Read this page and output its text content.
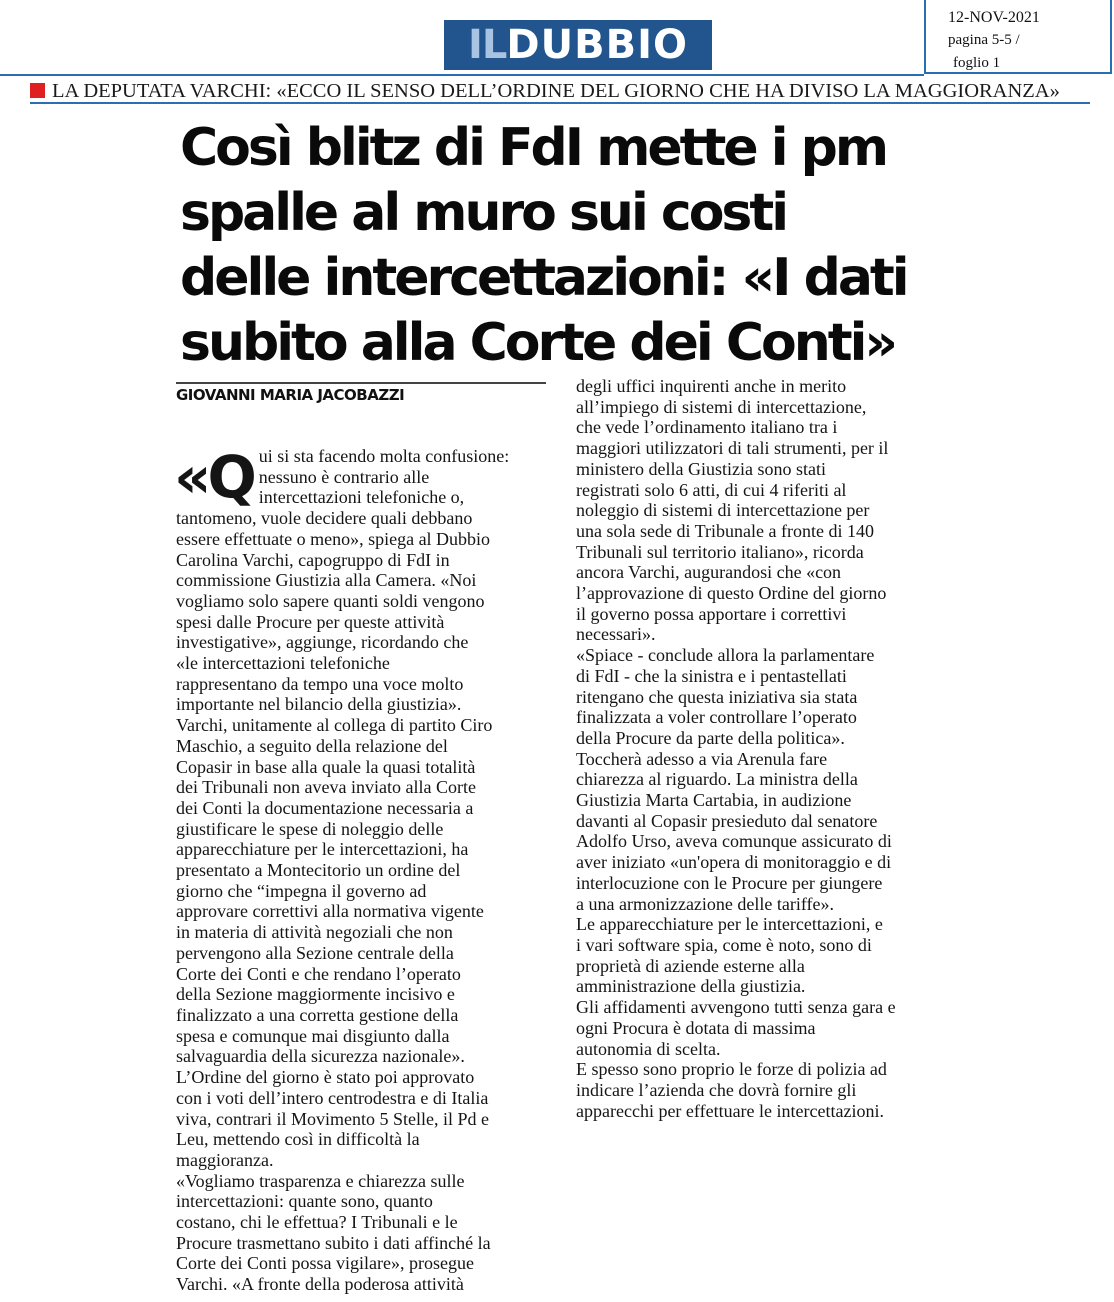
IL DUBBIO
12-NOV-2021
pagina 5-5 /
foglio 1
LA DEPUTATA VARCHI: «ECCO IL SENSO DELL’ORDINE DEL GIORNO CHE HA DIVISO LA MAGGIORANZA»
Così blitz di FdI mette i pm
spalle al muro sui costi
delle intercettazioni: «I dati
subito alla Corte dei Conti»
GIOVANNI MARIA JACOBAZZI
«Q ui si sta facendo molta confusione:

nessuno è contrario alle

intercettazioni telefoniche o,

tantomeno, vuole decidere quali debbano

essere effettuate o meno», spiega al Dubbio

Carolina Varchi, capogruppo di FdI in

commissione Giustizia alla Camera. «Noi

vogliamo solo sapere quanti soldi vengono

spesi dalle Procure per queste attività

investigative», aggiunge, ricordando che

«le intercettazioni telefoniche

rappresentano da tempo una voce molto

importante nel bilancio della giustizia».

Varchi, unitamente al collega di partito Ciro

Maschio, a seguito della relazione del

Copasir in base alla quale la quasi totalità

dei Tribunali non aveva inviato alla Corte

dei Conti la documentazione necessaria a

giustificare le spese di noleggio delle

apparecchiature per le intercettazioni, ha

presentato a Montecitorio un ordine del

giorno che “impegna il governo ad

approvare correttivi alla normativa vigente

in materia di attività negoziali che non

pervengono alla Sezione centrale della

Corte dei Conti e che rendano l’operato

della Sezione maggiormente incisivo e

finalizzato a una corretta gestione della

spesa e comunque mai disgiunto dalla

salvaguardia della sicurezza nazionale».

L’Ordine del giorno è stato poi approvato

con i voti dell’intero centrodestra e di Italia

viva, contrari il Movimento 5 Stelle, il Pd e

Leu, mettendo così in difficoltà la

maggioranza.

«Vogliamo trasparenza e chiarezza sulle

intercettazioni: quante sono, quanto

costano, chi le effettua? I Tribunali e le

Procure trasmettano subito i dati affinché la

Corte dei Conti possa vigilare», prosegue

Varchi. «A fronte della poderosa attività

degli uffici inquirenti anche in merito

all’impiego di sistemi di intercettazione,

che vede l’ordinamento italiano tra i

maggiori utilizzatori di tali strumenti, per il

ministero della Giustizia sono stati

registrati solo 6 atti, di cui 4 riferiti al

noleggio di sistemi di intercettazione per

una sola sede di Tribunale a fronte di 140

Tribunali sul territorio italiano», ricorda

ancora Varchi, augurandosi che «con

l’approvazione di questo Ordine del giorno

il governo possa apportare i correttivi

necessari».

«Spiace - conclude allora la parlamentare

di FdI - che la sinistra e i pentastellati

ritengano che questa iniziativa sia stata

finalizzata a voler controllare l’operato

della Procure da parte della politica».

Toccherà adesso a via Arenula fare

chiarezza al riguardo. La ministra della

Giustizia Marta Cartabia, in audizione

davanti al Copasir presieduto dal senatore

Adolfo Urso, aveva comunque assicurato di

aver iniziato «un'opera di monitoraggio e di

interlocuzione con le Procure per giungere

a una armonizzazione delle tariffe».

Le apparecchiature per le intercettazioni, e

i vari software spia, come è noto, sono di

proprietà di aziende esterne alla

amministrazione della giustizia.

Gli affidamenti avvengono tutti senza gara e

ogni Procura è dotata di massima

autonomia di scelta.

E spesso sono proprio le forze di polizia ad

indicare l’azienda che dovrà fornire gli

apparecchi per effettuare le intercettazioni.
